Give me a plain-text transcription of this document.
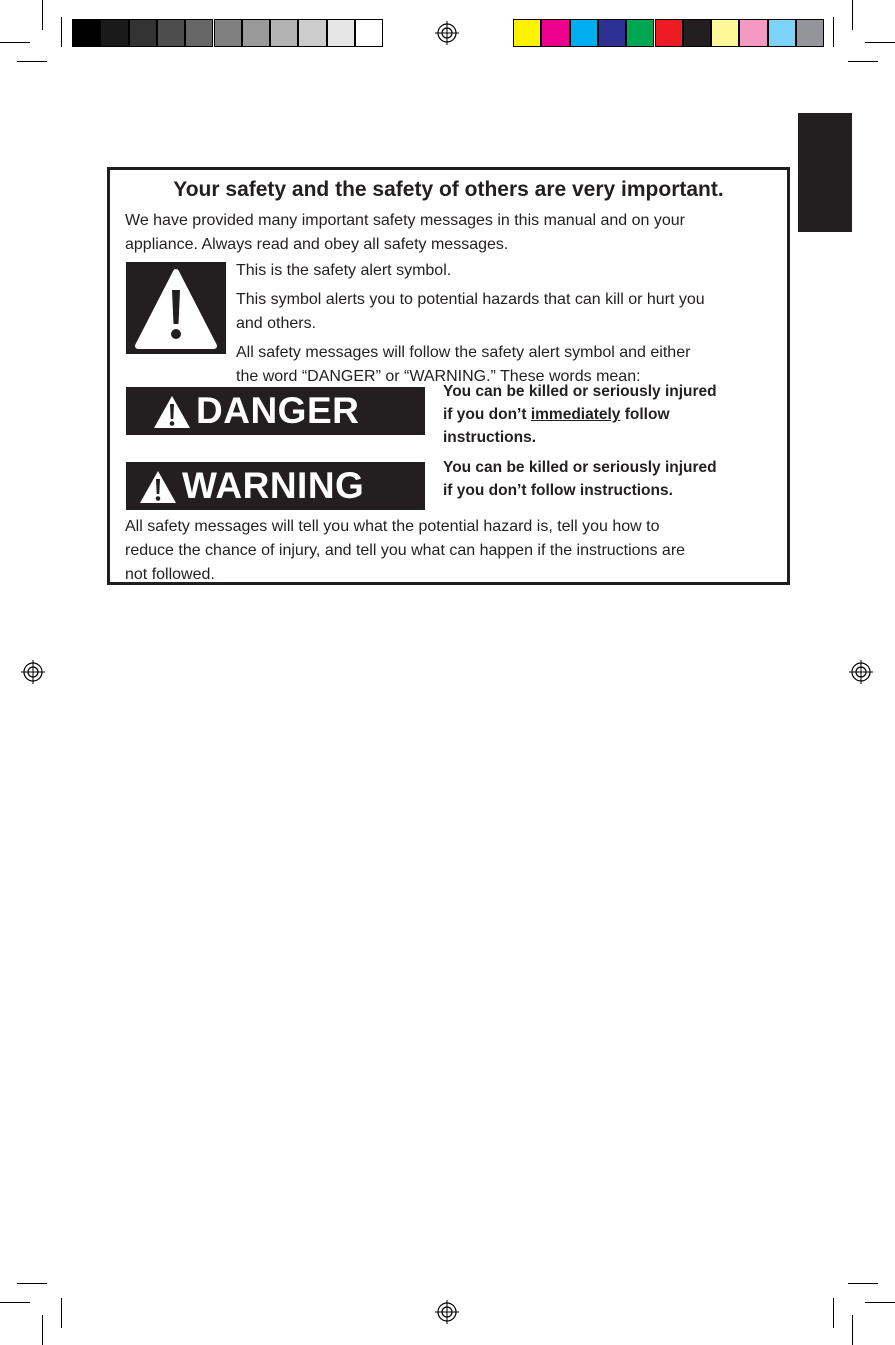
Your safety and the safety of others are very important.
We have provided many important safety messages in this manual and on your
appliance. Always read and obey all safety messages.
This is the safety alert symbol.
This symbol alerts you to potential hazards that can kill or hurt you
and others.
All safety messages will follow the safety alert symbol and either
the word “DANGER” or “WARNING.” These words mean:
DANGER	You can be killed or seriously injured
if you don’t immediately follow
instructions.
WARNING	You can be killed or seriously injured
if you don’t follow instructions.
All safety messages will tell you what the potential hazard is, tell you how to
reduce the chance of injury, and tell you what can happen if the instructions are
not followed.
